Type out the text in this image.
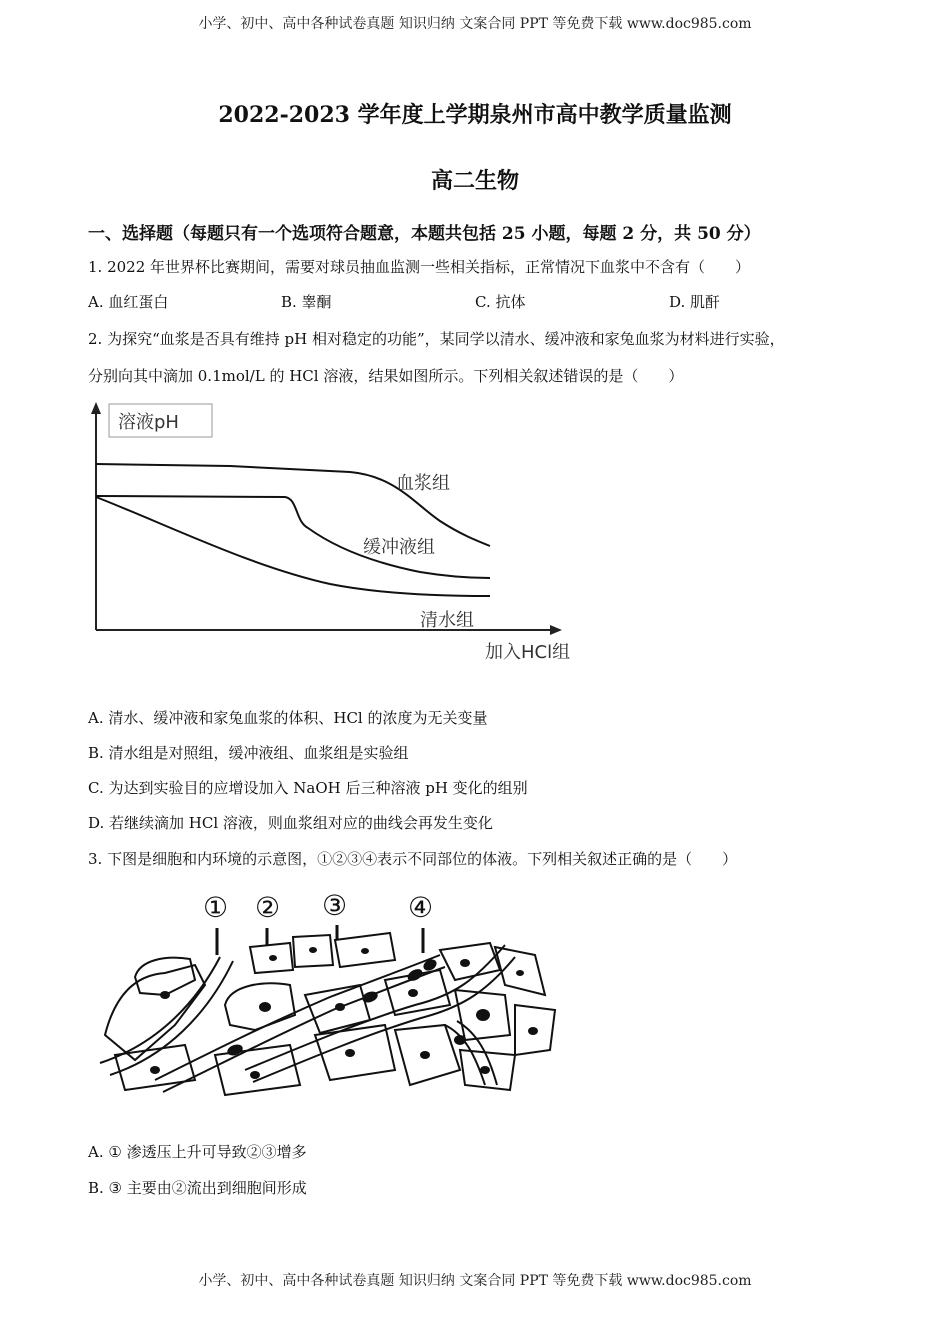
小学、初中、高中各种试卷真题 知识归纳 文案合同 PPT 等免费下载 www.doc985.com
2022-2023 学年度上学期泉州市高中教学质量监测
高二生物
一、选择题（每题只有一个选项符合题意，本题共包括 25 小题，每题 2 分，共 50 分）
1. 2022 年世界杯比赛期间，需要对球员抽血监测一些相关指标，正常情况下血浆中不含有（　　）
A. 血红蛋白	B. 睾酮	C. 抗体	D. 肌酐
2. 为探究“血浆是否具有维持 pH 相对稳定的功能”，某同学以清水、缓冲液和家兔血浆为材料进行实验，
分别向其中滴加 0.1mol/L 的 HCl 溶液，结果如图所示。下列相关叙述错误的是（　　）
溶液pH
加入HCl组
血浆组
缓冲液组
清水组
A. 清水、缓冲液和家兔血浆的体积、HCl 的浓度为无关变量
B. 清水组是对照组，缓冲液组、血浆组是实验组
C. 为达到实验目的应增设加入 NaOH 后三种溶液 pH 变化的组别
D. 若继续滴加 HCl 溶液，则血浆组对应的曲线会再发生变化
3. 下图是细胞和内环境的示意图，①②③④表示不同部位的体液。下列相关叙述正确的是（　　）
① ② ③ ④
A. ① 渗透压上升可导致②③增多
B. ③ 主要由②流出到细胞间形成
小学、初中、高中各种试卷真题 知识归纳 文案合同 PPT 等免费下载 www.doc985.com
